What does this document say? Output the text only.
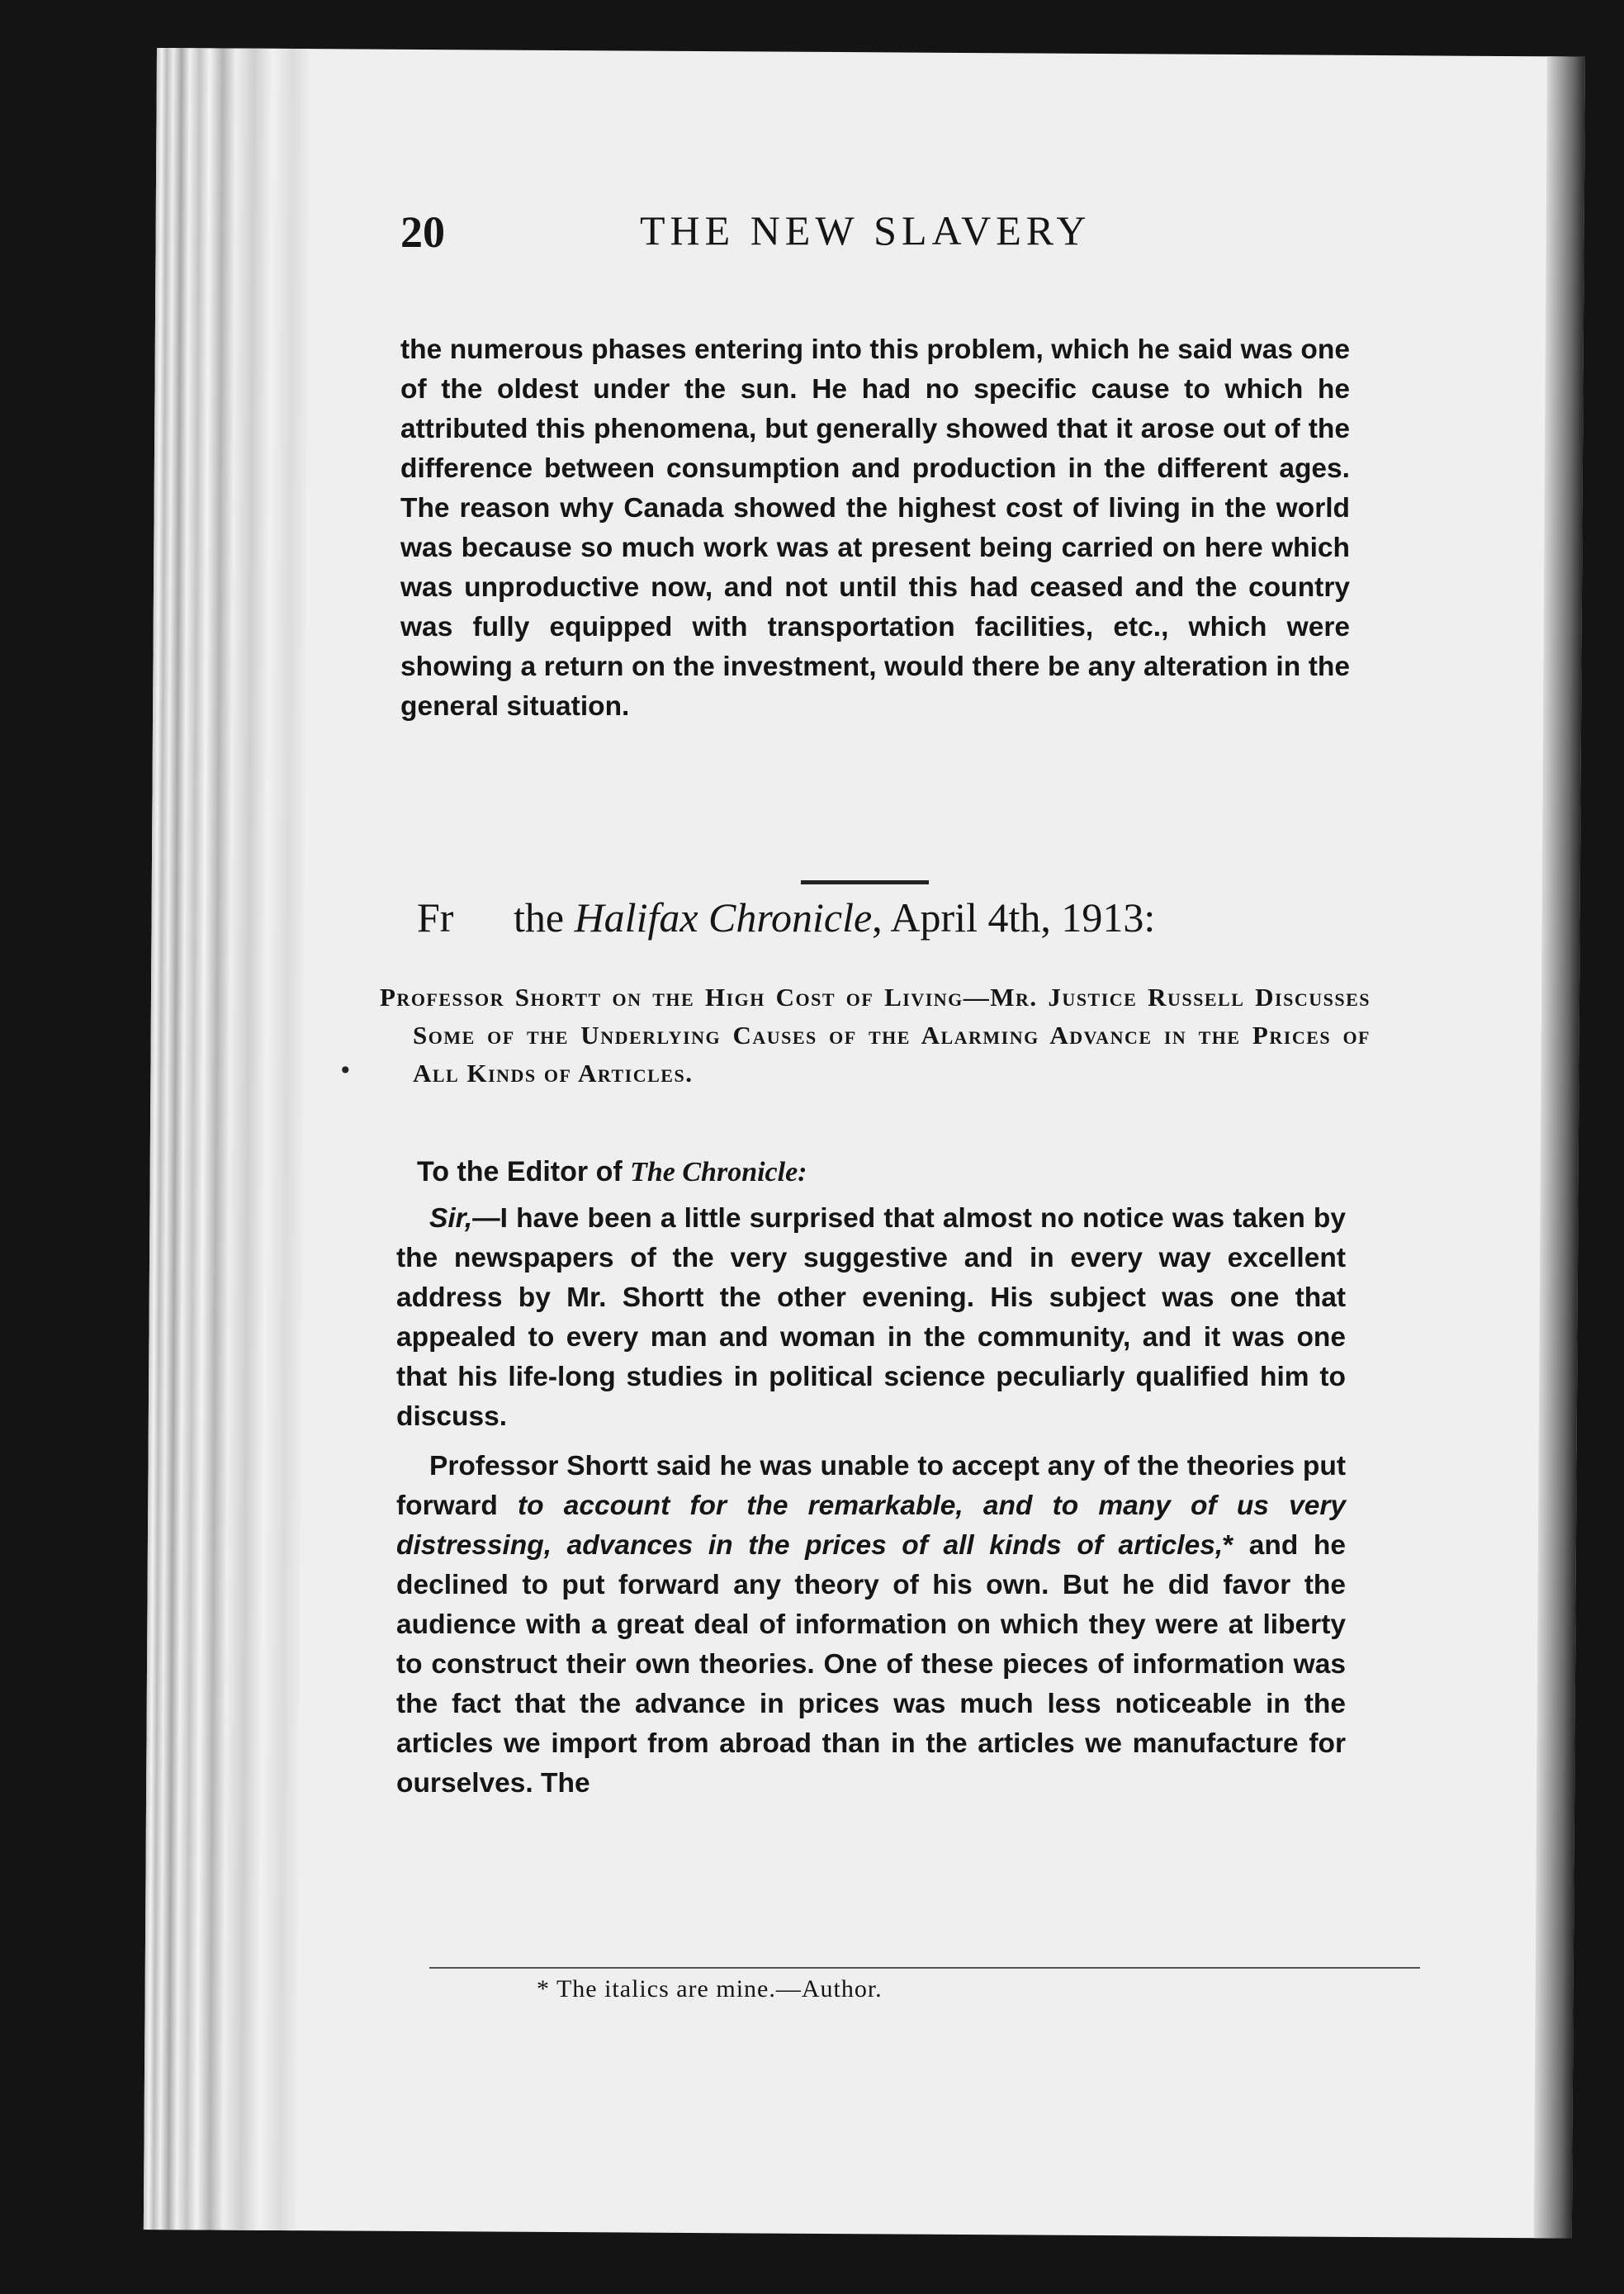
20	THE NEW SLAVERY

the numerous phases entering into this problem, which he said was one of the oldest under the sun. He had no specific cause to which he attributed this phenomena, but generally showed that it arose out of the difference between consumption and production in the different ages. The reason why Canada showed the highest cost of living in the world was because so much work was at present being carried on here which was unproductive now, and not until this had ceased and the country was fully equipped with transportation facilities, etc., which were showing a return on the investment, would there be any alteration in the general situation.

Fr the Halifax Chronicle, April 4th, 1913:
Professor Shortt on the High Cost of Living—Mr. Justice Russell Discusses Some of the Underlying Causes of the Alarming Advance in the Prices of All Kinds of Articles.
To the Editor of The Chronicle:

Sir,—I have been a little surprised that almost no notice was taken by the newspapers of the very suggestive and in every way excellent address by Mr. Shortt the other evening. His subject was one that appealed to every man and woman in the community, and it was one that his life-long studies in political science peculiarly qualified him to discuss.

Professor Shortt said he was unable to accept any of the theories put forward to account for the remarkable, and to many of us very distressing, advances in the prices of all kinds of articles,* and he declined to put forward any theory of his own. But he did favor the audience with a great deal of information on which they were at liberty to construct their own theories. One of these pieces of information was the fact that the advance in prices was much less noticeable in the articles we import from abroad than in the articles we manufacture for ourselves. The

* The italics are mine.—Author.
•
